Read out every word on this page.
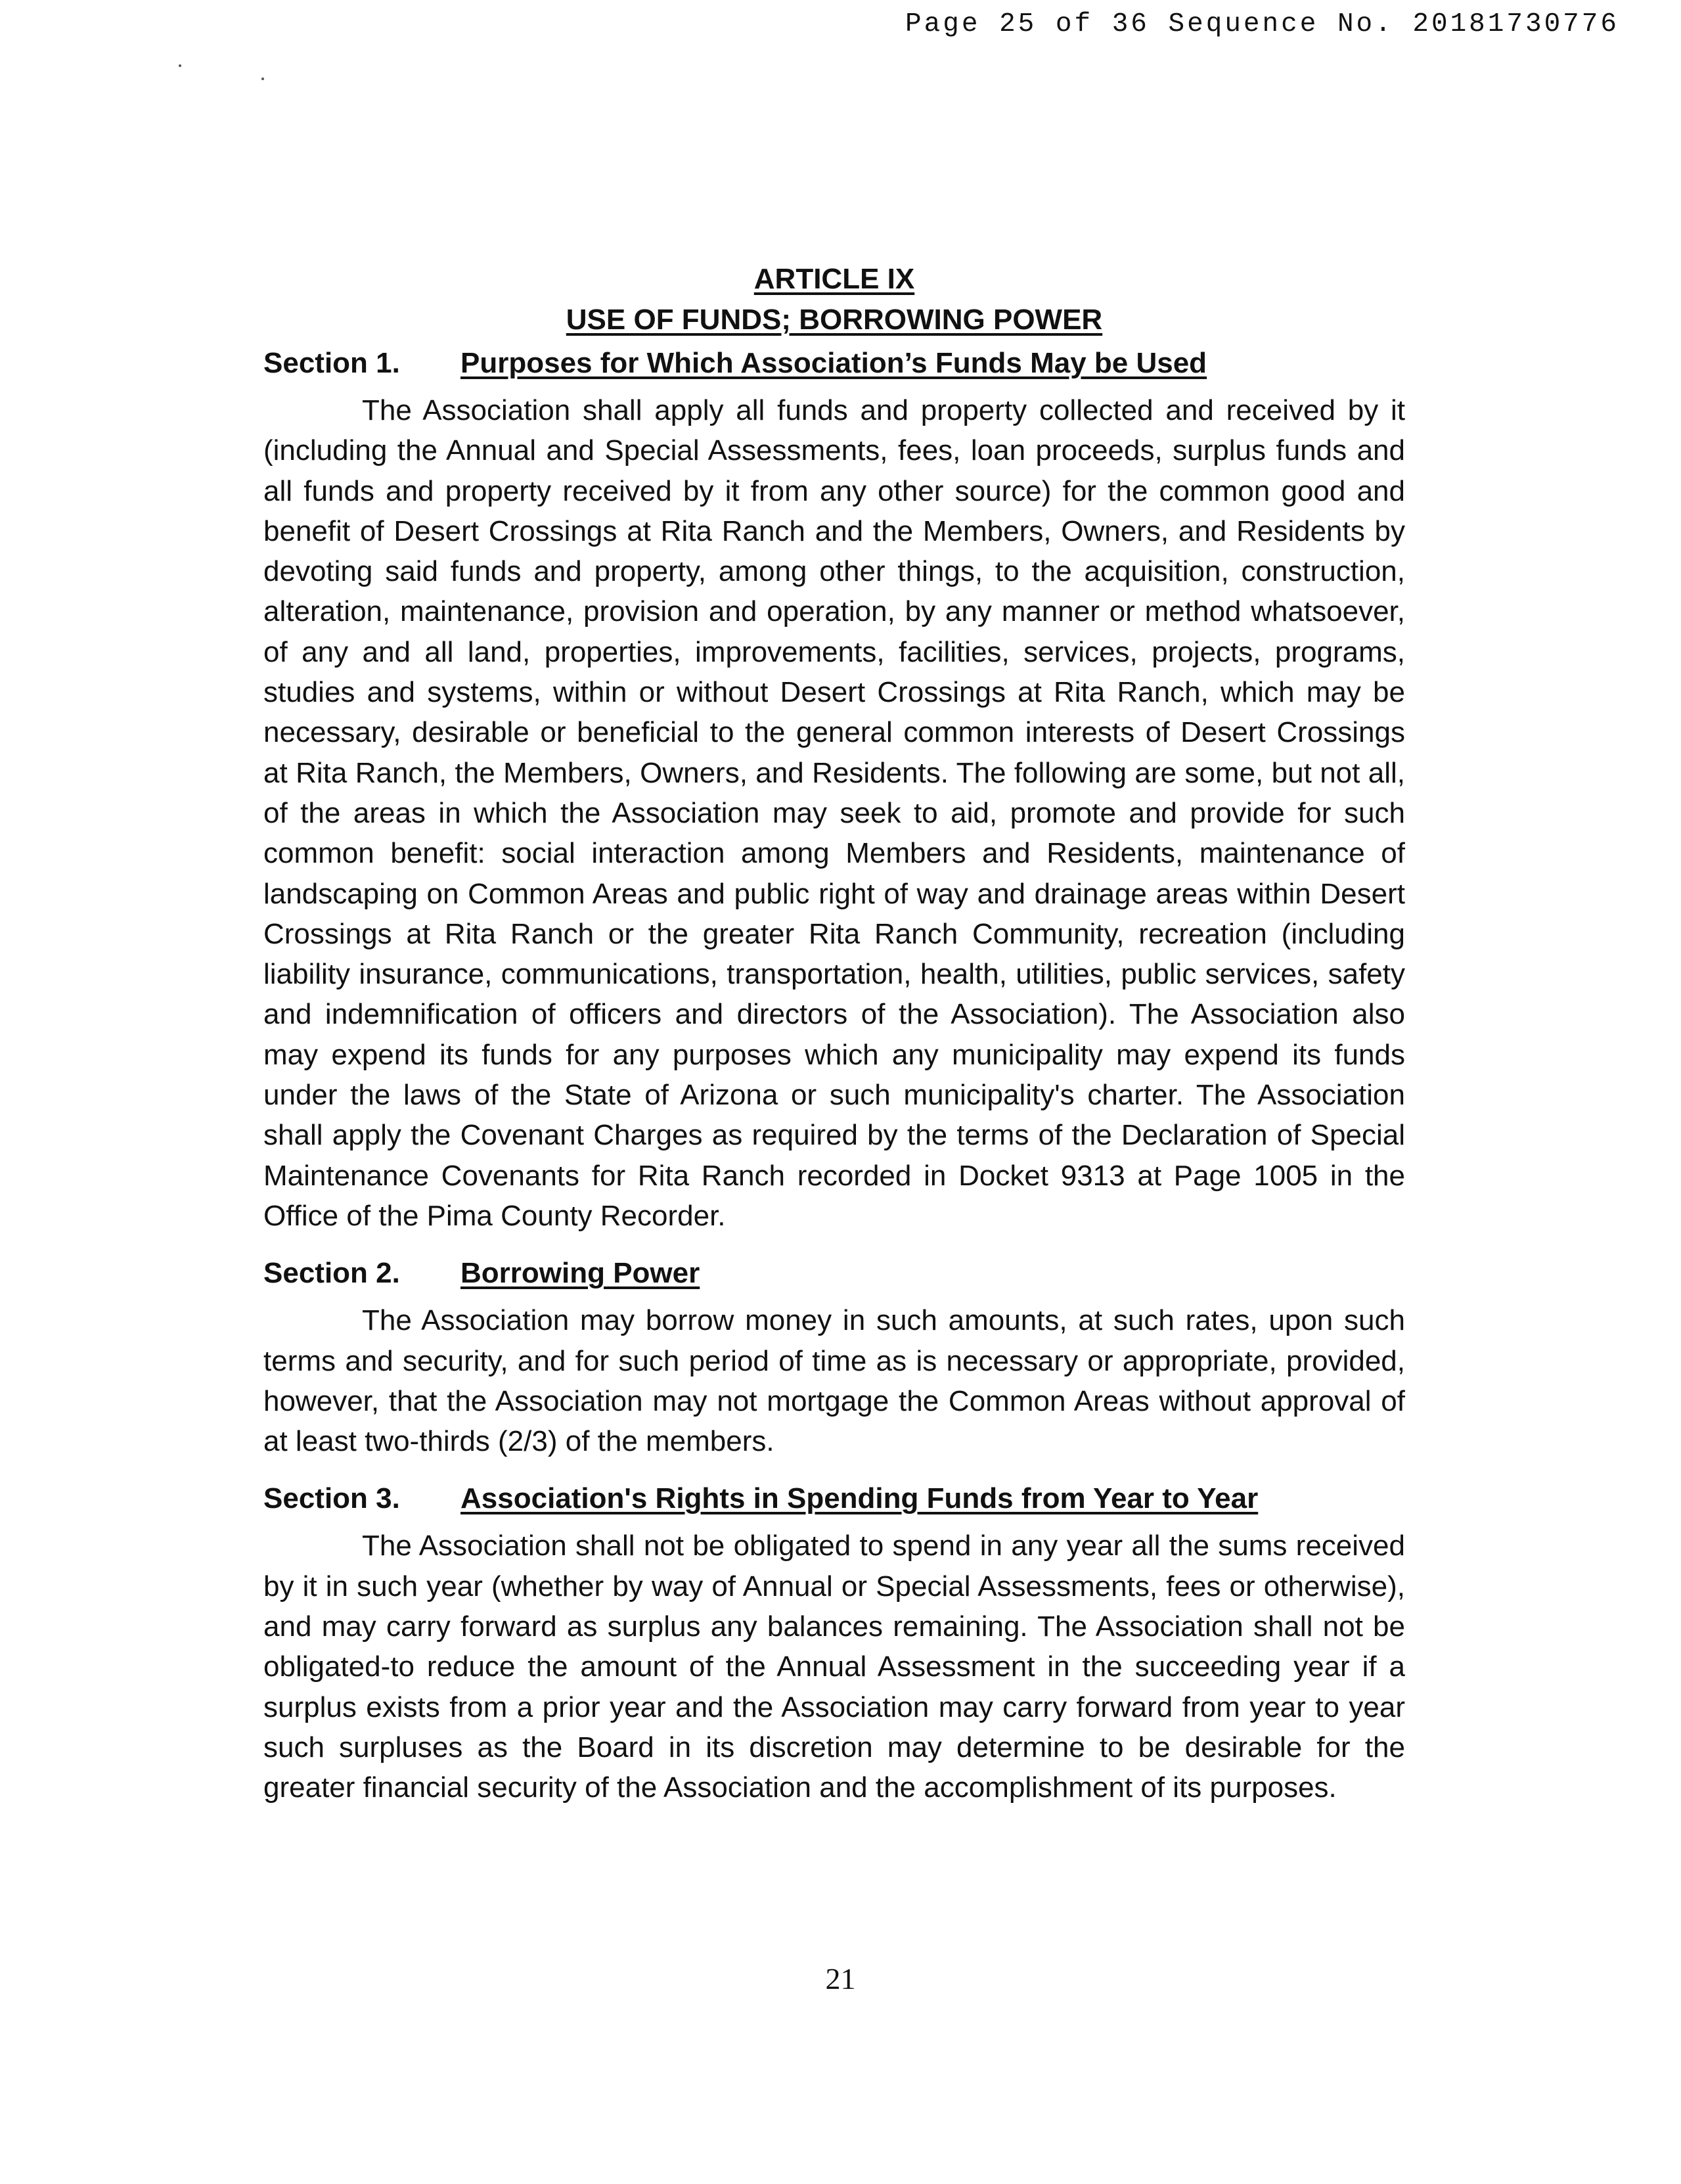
Page 25 of 36 Sequence No. 20181730776

ARTICLE IX

USE OF FUNDS; BORROWING POWER

Section 1. Purposes for Which Association’s Funds May be Used

The Association shall apply all funds and property collected and received by it (including the Annual and Special Assessments, fees, loan proceeds, surplus funds and all funds and property received by it from any other source) for the common good and benefit of Desert Crossings at Rita Ranch and the Members, Owners, and Residents by devoting said funds and property, among other things, to the acquisition, construction, alteration, maintenance, provision and operation, by any manner or method whatsoever, of any and all land, properties, improvements, facilities, services, projects, programs, studies and systems, within or without Desert Crossings at Rita Ranch, which may be necessary, desirable or beneficial to the general common interests of Desert Crossings at Rita Ranch, the Members, Owners, and Residents. The following are some, but not all, of the areas in which the Association may seek to aid, promote and provide for such common benefit: social interaction among Members and Residents, maintenance of landscaping on Common Areas and public right of way and drainage areas within Desert Crossings at Rita Ranch or the greater Rita Ranch Community, recreation (including liability insurance, communications, transportation, health, utilities, public services, safety and indemnification of officers and directors of the Association). The Association also may expend its funds for any purposes which any municipality may expend its funds under the laws of the State of Arizona or such municipality's charter. The Association shall apply the Covenant Charges as required by the terms of the Declaration of Special Maintenance Covenants for Rita Ranch recorded in Docket 9313 at Page 1005 in the Office of the Pima County Recorder.

Section 2. Borrowing Power

The Association may borrow money in such amounts, at such rates, upon such terms and security, and for such period of time as is necessary or appropriate, provided, however, that the Association may not mortgage the Common Areas without approval of at least two-thirds (2/3) of the members.

Section 3. Association's Rights in Spending Funds from Year to Year

The Association shall not be obligated to spend in any year all the sums received by it in such year (whether by way of Annual or Special Assessments, fees or otherwise), and may carry forward as surplus any balances remaining. The Association shall not be obligated-to reduce the amount of the Annual Assessment in the succeeding year if a surplus exists from a prior year and the Association may carry forward from year to year such surpluses as the Board in its discretion may determine to be desirable for the greater financial security of the Association and the accomplishment of its purposes.

21
